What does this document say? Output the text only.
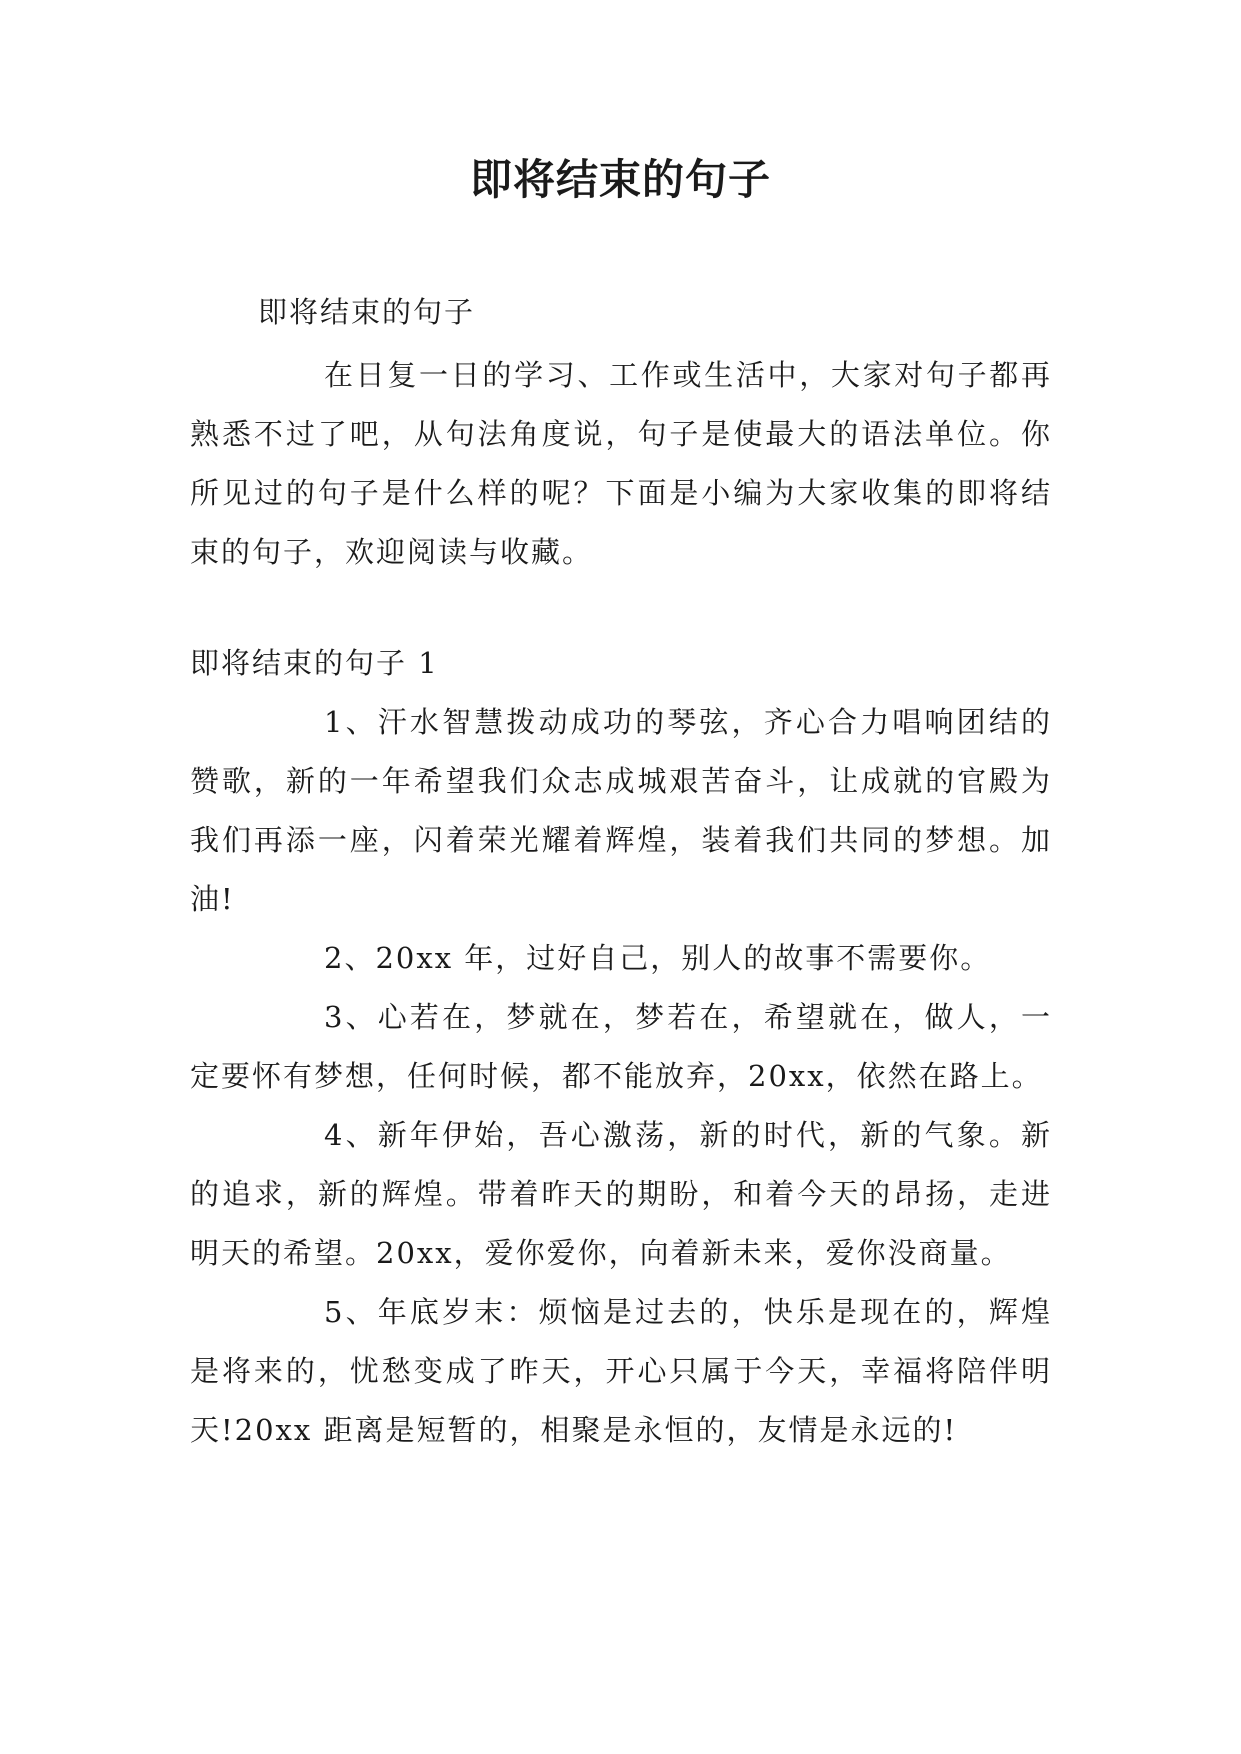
即将结束的句子

即将结束的句子

在日复一日的学习、工作或生活中，大家对句子都再熟悉不过了吧，从句法角度说，句子是使最大的语法单位。你所见过的句子是什么样的呢？下面是小编为大家收集的即将结束的句子，欢迎阅读与收藏。

即将结束的句子 1

1、汗水智慧拨动成功的琴弦，齐心合力唱响团结的赞歌，新的一年希望我们众志成城艰苦奋斗，让成就的官殿为我们再添一座，闪着荣光耀着辉煌，装着我们共同的梦想。加油!

2、20xx 年，过好自己，别人的故事不需要你。

3、心若在，梦就在，梦若在，希望就在，做人，一定要怀有梦想，任何时候，都不能放弃，20xx，依然在路上。

4、新年伊始，吾心激荡，新的时代，新的气象。新的追求，新的辉煌。带着昨天的期盼，和着今天的昂扬，走进明天的希望。20xx，爱你爱你，向着新未来，爱你没商量。

5、年底岁末：烦恼是过去的，快乐是现在的，辉煌是将来的，忧愁变成了昨天，开心只属于今天，幸福将陪伴明天!20xx 距离是短暂的，相聚是永恒的，友情是永远的!
